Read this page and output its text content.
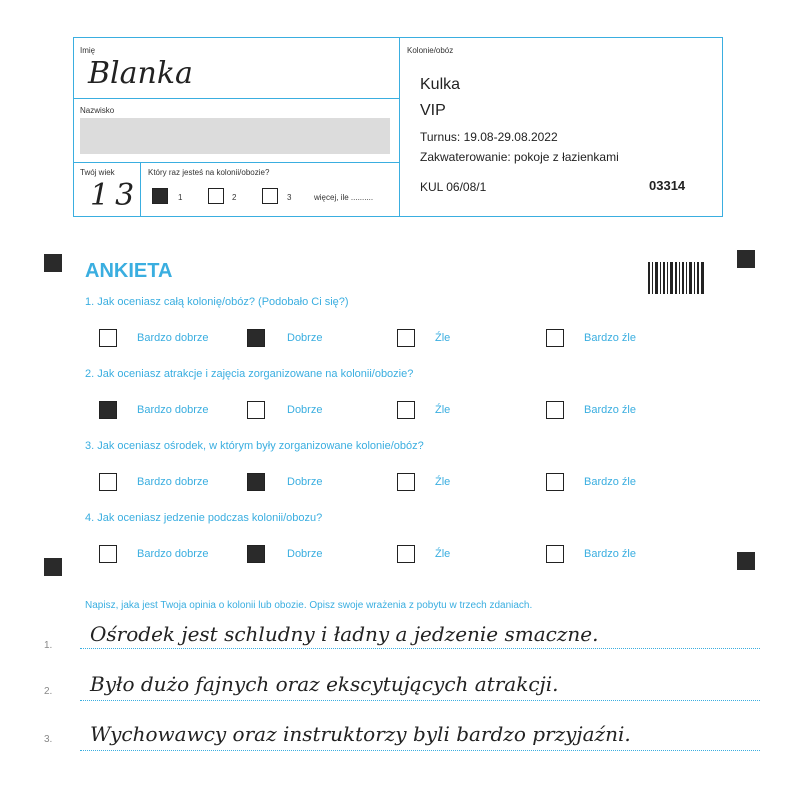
Imię
Blanka
Nazwisko
Twój wiek
13
Który raz jesteś na kolonii/obozie?
1	2	3	więcej, ile ..........
Kolonie/obóz
Kulka
VIP
Turnus: 19.08-29.08.2022
Zakwaterowanie: pokoje z łazienkami
KUL 06/08/1	03314
ANKIETA
1. Jak oceniasz całą kolonię/obóz? (Podobało Ci się?)
Bardzo dobrze	Dobrze	Źle	Bardzo źle
2. Jak oceniasz atrakcje i zajęcia zorganizowane na kolonii/obozie?
Bardzo dobrze	Dobrze	Źle	Bardzo źle
3. Jak oceniasz ośrodek, w którym były zorganizowane kolonie/obóz?
Bardzo dobrze	Dobrze	Źle	Bardzo źle
4. Jak oceniasz jedzenie podczas kolonii/obozu?
Bardzo dobrze	Dobrze	Źle	Bardzo źle
Napisz, jaka jest Twoja opinia o kolonii lub obozie. Opisz swoje wrażenia z pobytu w trzech zdaniach.
1.
2.
3.
Ośrodek jest schludny i ładny a jedzenie smaczne.
Było dużo fajnych oraz ekscytujących atrakcji.
Wychowawcy oraz instruktorzy byli bardzo przyjaźni.
